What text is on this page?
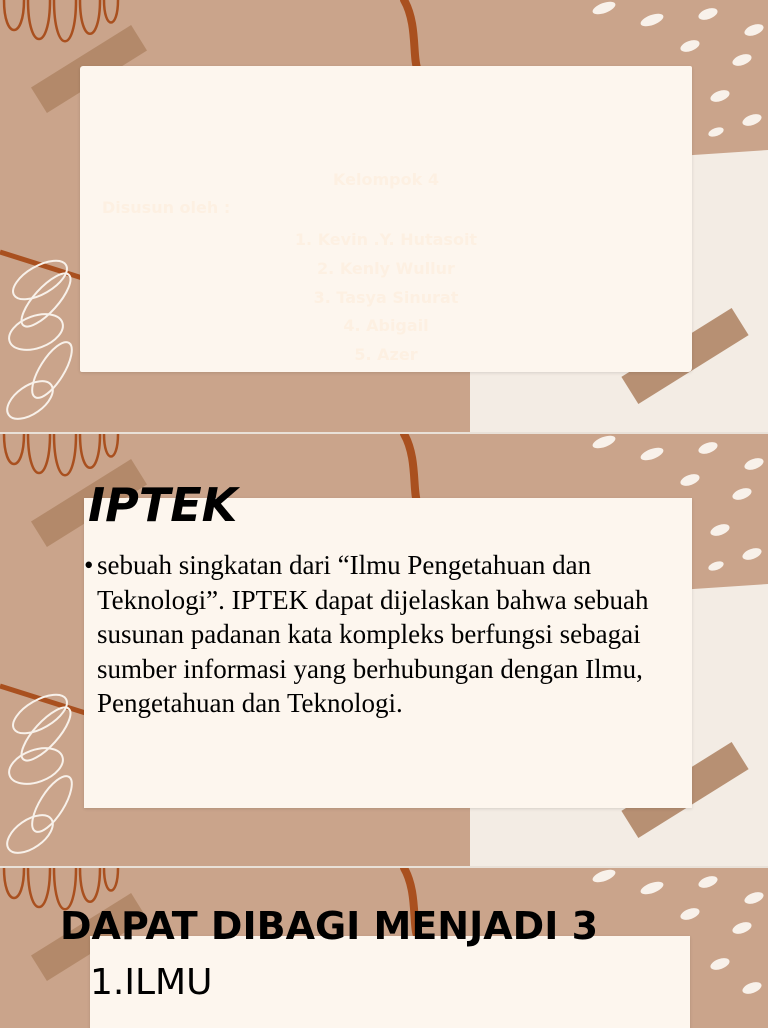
IPTEK dan AGAMA KRISTEN

Kelompok 4

Disusun oleh :

1. Kevin .Y. Hutasoit
2. Kenly Wullur
3. Tasya Sinurat
4. Abigail
5. Azer
IPTEK

• sebuah singkatan dari “Ilmu Pengetahuan dan Teknologi”. IPTEK dapat dijelaskan bahwa sebuah susunan padanan kata kompleks berfungsi sebagai sumber informasi yang berhubungan dengan Ilmu, Pengetahuan dan Teknologi.

DAPAT DIBAGI MENJADI 3

1.ILMU
